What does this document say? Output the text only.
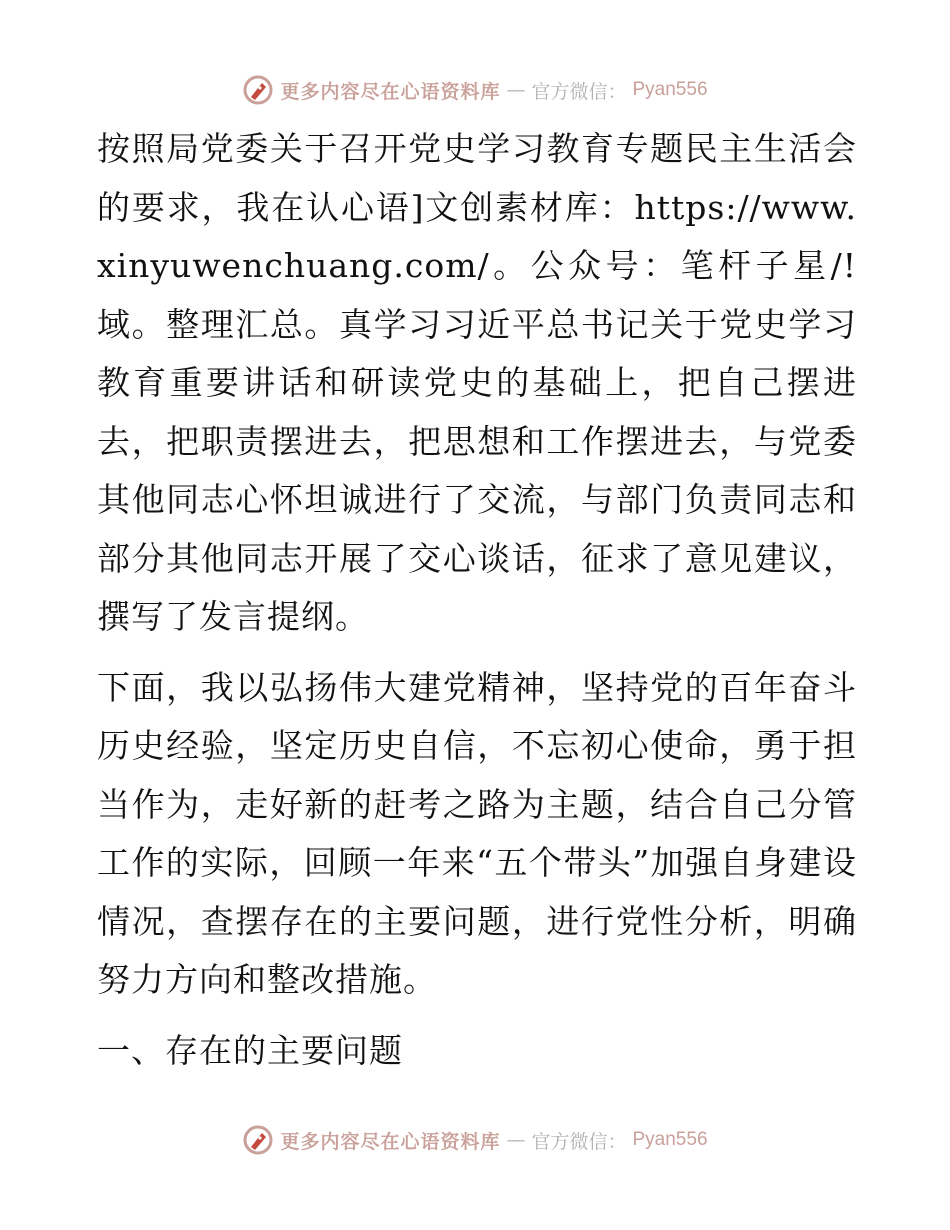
更多内容尽在心语资料库 — 官方微信： Pyan556

按照局党委关于召开党史学习教育专题民主生活会的要求，我在认心语]文创素材库：https://www.xinyuwenchuang.com/。公众号：笔杆子星/!域。整理汇总。真学习习近平总书记关于党史学习教育重要讲话和研读党史的基础上，把自己摆进去，把职责摆进去，把思想和工作摆进去，与党委其他同志心怀坦诚进行了交流，与部门负责同志和部分其他同志开展了交心谈话，征求了意见建议，撰写了发言提纲。

下面，我以弘扬伟大建党精神，坚持党的百年奋斗历史经验，坚定历史自信，不忘初心使命，勇于担当作为，走好新的赶考之路为主题，结合自己分管工作的实际，回顾一年来“五个带头”加强自身建设情况，查摆存在的主要问题，进行党性分析，明确努力方向和整改措施。

一、存在的主要问题
更多内容尽在心语资料库 — 官方微信： Pyan556
